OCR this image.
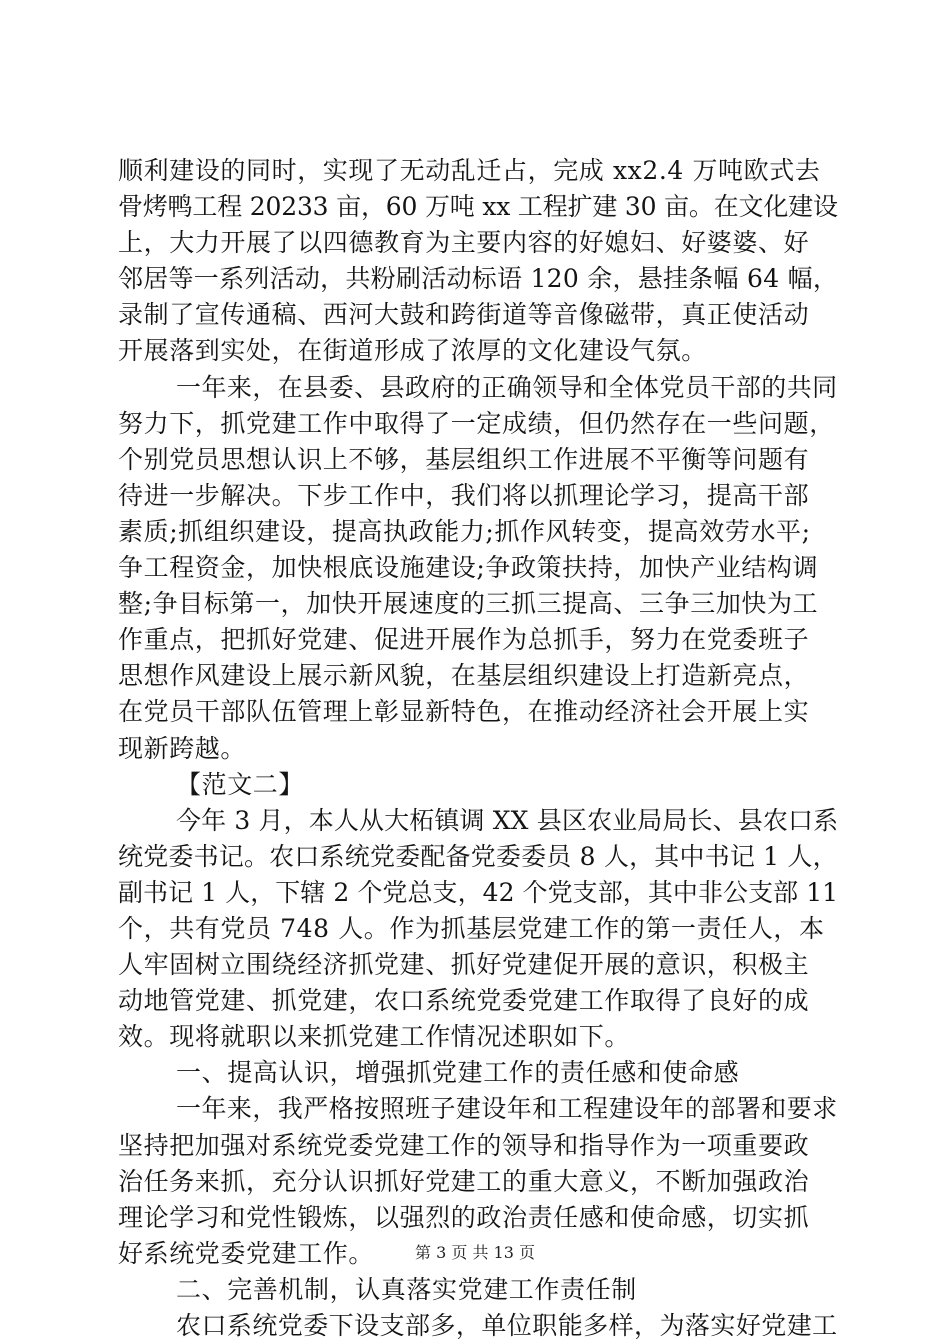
顺利建设的同时，实现了无动乱迁占，完成 xx2.4 万吨欧式去
骨烤鸭工程 20233 亩，60 万吨 xx 工程扩建 30 亩。在文化建设
上，大力开展了以四德教育为主要内容的好媳妇、好婆婆、好
邻居等一系列活动，共粉刷活动标语 120 余，悬挂条幅 64 幅，
录制了宣传通稿、西河大鼓和跨街道等音像磁带，真正使活动
开展落到实处，在街道形成了浓厚的文化建设气氛。
一年来，在县委、县政府的正确领导和全体党员干部的共同
努力下，抓党建工作中取得了一定成绩，但仍然存在一些问题，
个别党员思想认识上不够，基层组织工作进展不平衡等问题有
待进一步解决。下步工作中，我们将以抓理论学习，提高干部
素质;抓组织建设，提高执政能力;抓作风转变，提高效劳水平;
争工程资金，加快根底设施建设;争政策扶持，加快产业结构调
整;争目标第一，加快开展速度的三抓三提高、三争三加快为工
作重点，把抓好党建、促进开展作为总抓手，努力在党委班子
思想作风建设上展示新风貌，在基层组织建设上打造新亮点，
在党员干部队伍管理上彰显新特色，在推动经济社会开展上实
现新跨越。
【范文二】
今年 3 月，本人从大柘镇调 XX 县区农业局局长、县农口系
统党委书记。农口系统党委配备党委委员 8 人，其中书记 1 人，
副书记 1 人，下辖 2 个党总支，42 个党支部，其中非公支部 11
个，共有党员 748 人。作为抓基层党建工作的第一责任人，本
人牢固树立围绕经济抓党建、抓好党建促开展的意识，积极主
动地管党建、抓党建，农口系统党委党建工作取得了良好的成
效。现将就职以来抓党建工作情况述职如下。
一、提高认识，增强抓党建工作的责任感和使命感
一年来，我严格按照班子建设年和工程建设年的部署和要求
坚持把加强对系统党委党建工作的领导和指导作为一项重要政
治任务来抓，充分认识抓好党建工的重大意义，不断加强政治
理论学习和党性锻炼，以强烈的政治责任感和使命感，切实抓
好系统党委党建工作。
二、完善机制，认真落实党建工作责任制
农口系统党委下设支部多，单位职能多样，为落实好党建工
第 3 页 共 13 页
